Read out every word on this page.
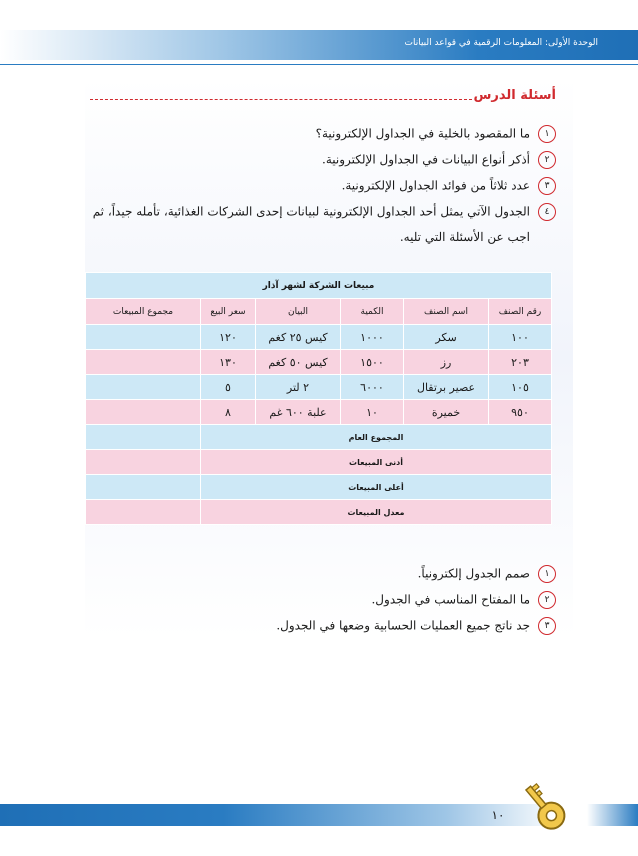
الوحدة الأولى: المعلومات الرقمية في قواعد البيانات
أسئلة الدرس
١ما المقصود بالخلية في الجداول الإلكترونية؟
٢أذكر أنواع البيانات في الجداول الإلكترونية.
٣عدد ثلاثاً من فوائد الجداول الإلكترونية.
٤الجدول الآتي يمثل أحد الجداول الإلكترونية لبيانات إحدى الشركات الغذائية، تأمله جيداً، ثم
اجب عن الأسئلة التي تليه.
مبيعات الشركة لشهر آذار					
رقم الصنف	اسم الصنف	الكمية	البيان	سعر البيع	مجموع المبيعات
١٠٠	سكر	١٠٠٠	كيس ٢٥ كغم	١٢٠	
٢٠٣	رز	١٥٠٠	كيس ٥٠ كغم	١٣٠	
١٠٥	عصير برتقال	٦٠٠٠	٢ لتر	٥	
٩٥٠	خميرة	١٠	علبة ٦٠٠ غم	٨	
المجموع العام					
أدنى المبيعات					
أعلى المبيعات					
معدل المبيعات					
١صمم الجدول إلكترونياً.
٢ما المفتاح المناسب في الجدول.
٣جد ناتج جميع العمليات الحسابية وضعها في الجدول.
١٠
